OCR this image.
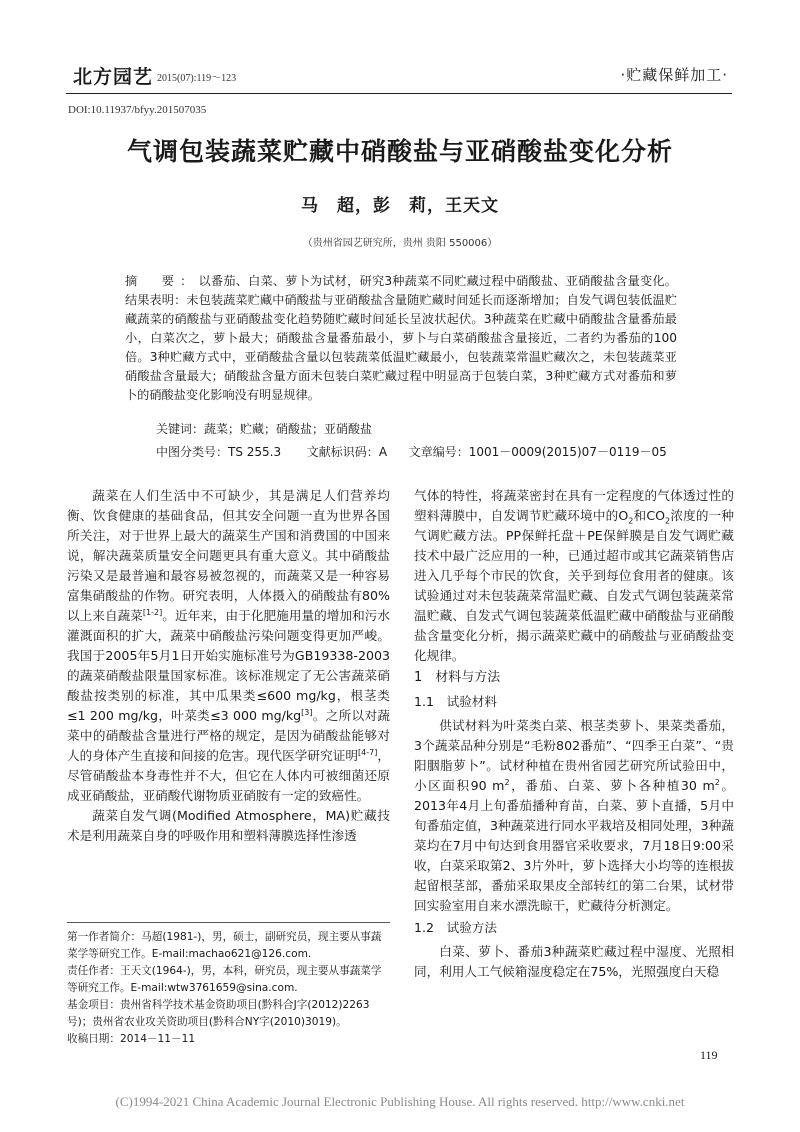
北方园艺 2015(07):119～123	·贮藏保鲜加工·
DOI:10.11937/bfyy.201507035
气调包装蔬菜贮藏中硝酸盐与亚硝酸盐变化分析
马　超，彭　莉，王天文
（贵州省园艺研究所，贵州 贵阳 550006）
摘　要：以番茄、白菜、萝卜为试材，研究3种蔬菜不同贮藏过程中硝酸盐、亚硝酸盐含量变化。结果表明：未包装蔬菜贮藏中硝酸盐与亚硝酸盐含量随贮藏时间延长而逐渐增加；自发气调包装低温贮藏蔬菜的硝酸盐与亚硝酸盐变化趋势随贮藏时间延长呈波状起伏。3种蔬菜在贮藏中硝酸盐含量番茄最小，白菜次之，萝卜最大；硝酸盐含量番茄最小，萝卜与白菜硝酸盐含量接近，二者约为番茄的100倍。3种贮藏方式中，亚硝酸盐含量以包装蔬菜低温贮藏最小，包装蔬菜常温贮藏次之，未包装蔬菜亚硝酸盐含量最大；硝酸盐含量方面未包装白菜贮藏过程中明显高于包装白菜，3种贮藏方式对番茄和萝卜的硝酸盐变化影响没有明显规律。
关键词：蔬菜；贮藏；硝酸盐；亚硝酸盐
中图分类号：TS 255.3 文献标识码：A 文章编号：1001－0009(2015)07－0119－05

蔬菜在人们生活中不可缺少，其是满足人们营养均衡、饮食健康的基础食品，但其安全问题一直为世界各国所关注，对于世界上最大的蔬菜生产国和消费国的中国来说，解决蔬菜质量安全问题更具有重大意义。其中硝酸盐污染又是最普遍和最容易被忽视的，而蔬菜又是一种容易富集硝酸盐的作物。研究表明，人体摄入的硝酸盐有80%以上来自蔬菜[1-2]。近年来，由于化肥施用量的增加和污水灌溉面积的扩大，蔬菜中硝酸盐污染问题变得更加严峻。我国于2005年5月1日开始实施标准号为GB19338-2003的蔬菜硝酸盐限量国家标准。该标准规定了无公害蔬菜硝酸盐按类别的标准，其中瓜果类≤600 mg/kg，根茎类≤1 200 mg/kg，叶菜类≤3 000 mg/kg[3]。之所以对蔬菜中的硝酸盐含量进行严格的规定，是因为硝酸盐能够对人的身体产生直接和间接的危害。现代医学研究证明[4-7]，尽管硝酸盐本身毒性并不大，但它在人体内可被细菌还原成亚硝酸盐，亚硝酸代谢物质亚硝胺有一定的致癌性。

蔬菜自发气调(Modified Atmosphere，MA)贮藏技术是利用蔬菜自身的呼吸作用和塑料薄膜选择性渗透

气体的特性，将蔬菜密封在具有一定程度的气体透过性的塑料薄膜中，自发调节贮藏环境中的$O_2$和$CO_2$浓度的一种气调贮藏方法。PP保鲜托盘＋PE保鲜膜是自发气调贮藏技术中最广泛应用的一种，已通过超市或其它蔬菜销售店进入几乎每个市民的饮食，关乎到每位食用者的健康。该试验通过对未包装蔬菜常温贮藏、自发式气调包装蔬菜常温贮藏、自发式气调包装蔬菜低温贮藏中硝酸盐与亚硝酸盐含量变化分析，揭示蔬菜贮藏中的硝酸盐与亚硝酸盐变化规律。

1　材料与方法
1.1　试验材料

供试材料为叶菜类白菜、根茎类萝卜、果菜类番茄，3个蔬菜品种分别是“毛粉802番茄”、“四季王白菜”、“贵阳胭脂萝卜”。试材种植在贵州省园艺研究所试验田中，小区面积90 $m^2$，番茄、白菜、萝卜各种植30 $m^2$。2013年4月上旬番茄播种育苗，白菜、萝卜直播，5月中旬番茄定值，3种蔬菜进行同水平栽培及相同处理，3种蔬菜均在7月中旬达到食用器官采收要求，7月18日9:00采收，白菜采取第2、3片外叶，萝卜选择大小均等的连根拔起留根茎部，番茄采取果皮全部转红的第二台果，试材带回实验室用自来水漂洗晾干，贮藏待分析测定。

1.2　试验方法

白菜、萝卜、番茄3种蔬菜贮藏过程中湿度、光照相同，利用人工气候箱湿度稳定在75%，光照强度白天稳

第一作者简介：马超(1981-)，男，硕士，副研究员，现主要从事蔬菜学等研究工作。E-mail:machao621@126.com.
责任作者：王天文(1964-)，男，本科，研究员，现主要从事蔬菜学等研究工作。E-mail:wtw3761659@sina.com.
基金项目：贵州省科学技术基金资助项目(黔科合J字(2012)2263号)；贵州省农业攻关资助项目(黔科合NY字(2010)3019)。
收稿日期：2014－11－11
119
(C)1994-2021 China Academic Journal Electronic Publishing House. All rights reserved. http://www.cnki.net
